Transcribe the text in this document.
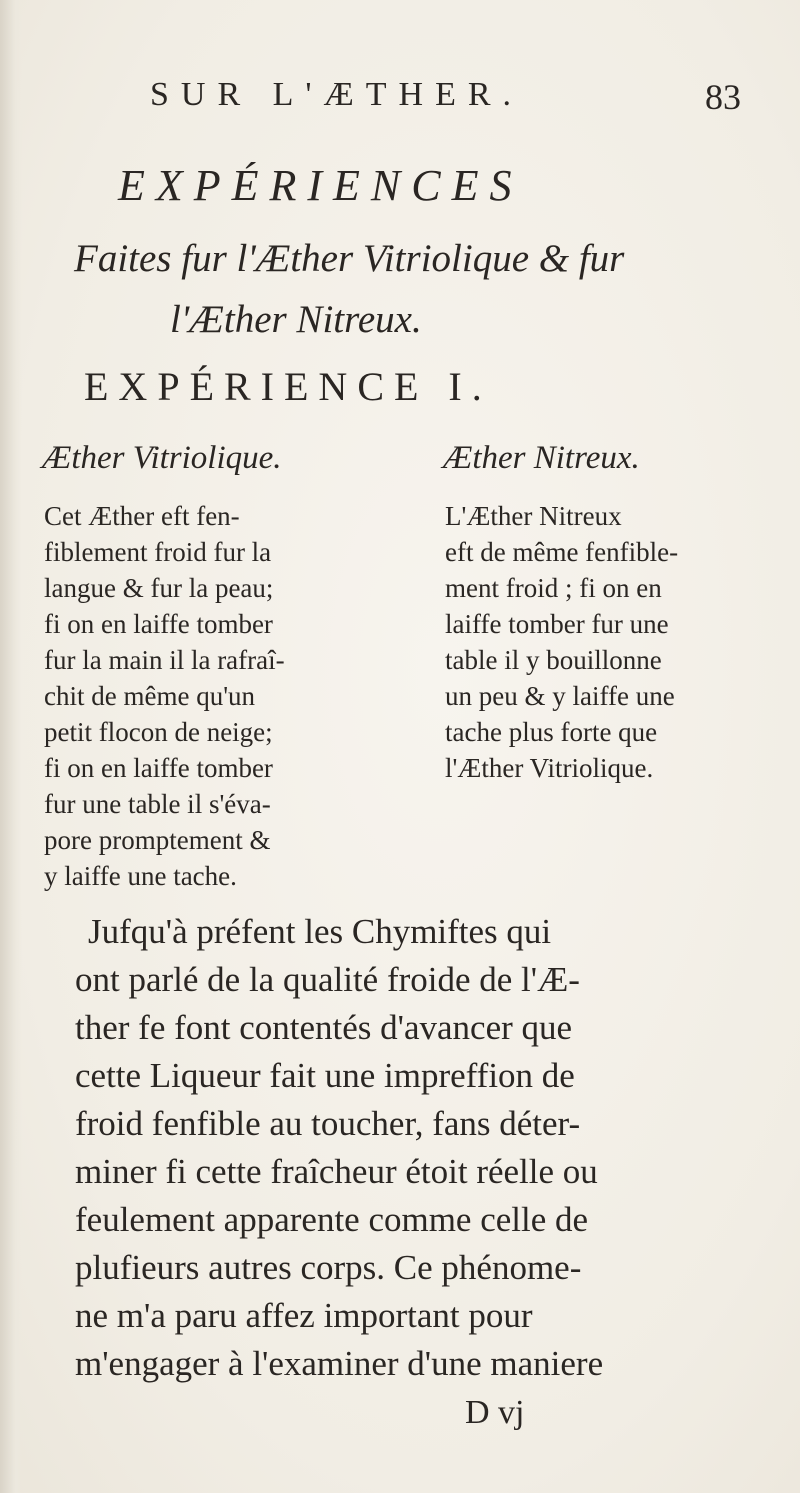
SUR L'ÆTHER.	83
EXPÉRIENCES
Faites fur l'Æther Vitriolique & fur
l'Æther Nitreux.
EXPÉRIENCE I.
Æther Vitriolique.	Æther Nitreux.
Cet Æther eft fen-
fiblement froid fur la
langue & fur la peau;
fi on en laiffe tomber
fur la main il la rafraî-
chit de même qu'un
petit flocon de neige;
fi on en laiffe tomber
fur une table il s'éva-
pore promptement &
y laiffe une tache.
L'Æther Nitreux
eft de même fenfible-
ment froid ; fi on en
laiffe tomber fur une
table il y bouillonne
un peu & y laiffe une
tache plus forte que
l'Æther Vitriolique.
Jufqu'à préfent les Chymiftes qui
ont parlé de la qualité froide de l'Æ-
ther fe font contentés d'avancer que
cette Liqueur fait une impreffion de
froid fenfible au toucher, fans déter-
miner fi cette fraîcheur étoit réelle ou
feulement apparente comme celle de
plufieurs autres corps. Ce phénome-
ne m'a paru affez important pour
m'engager à l'examiner d'une maniere
D vj
